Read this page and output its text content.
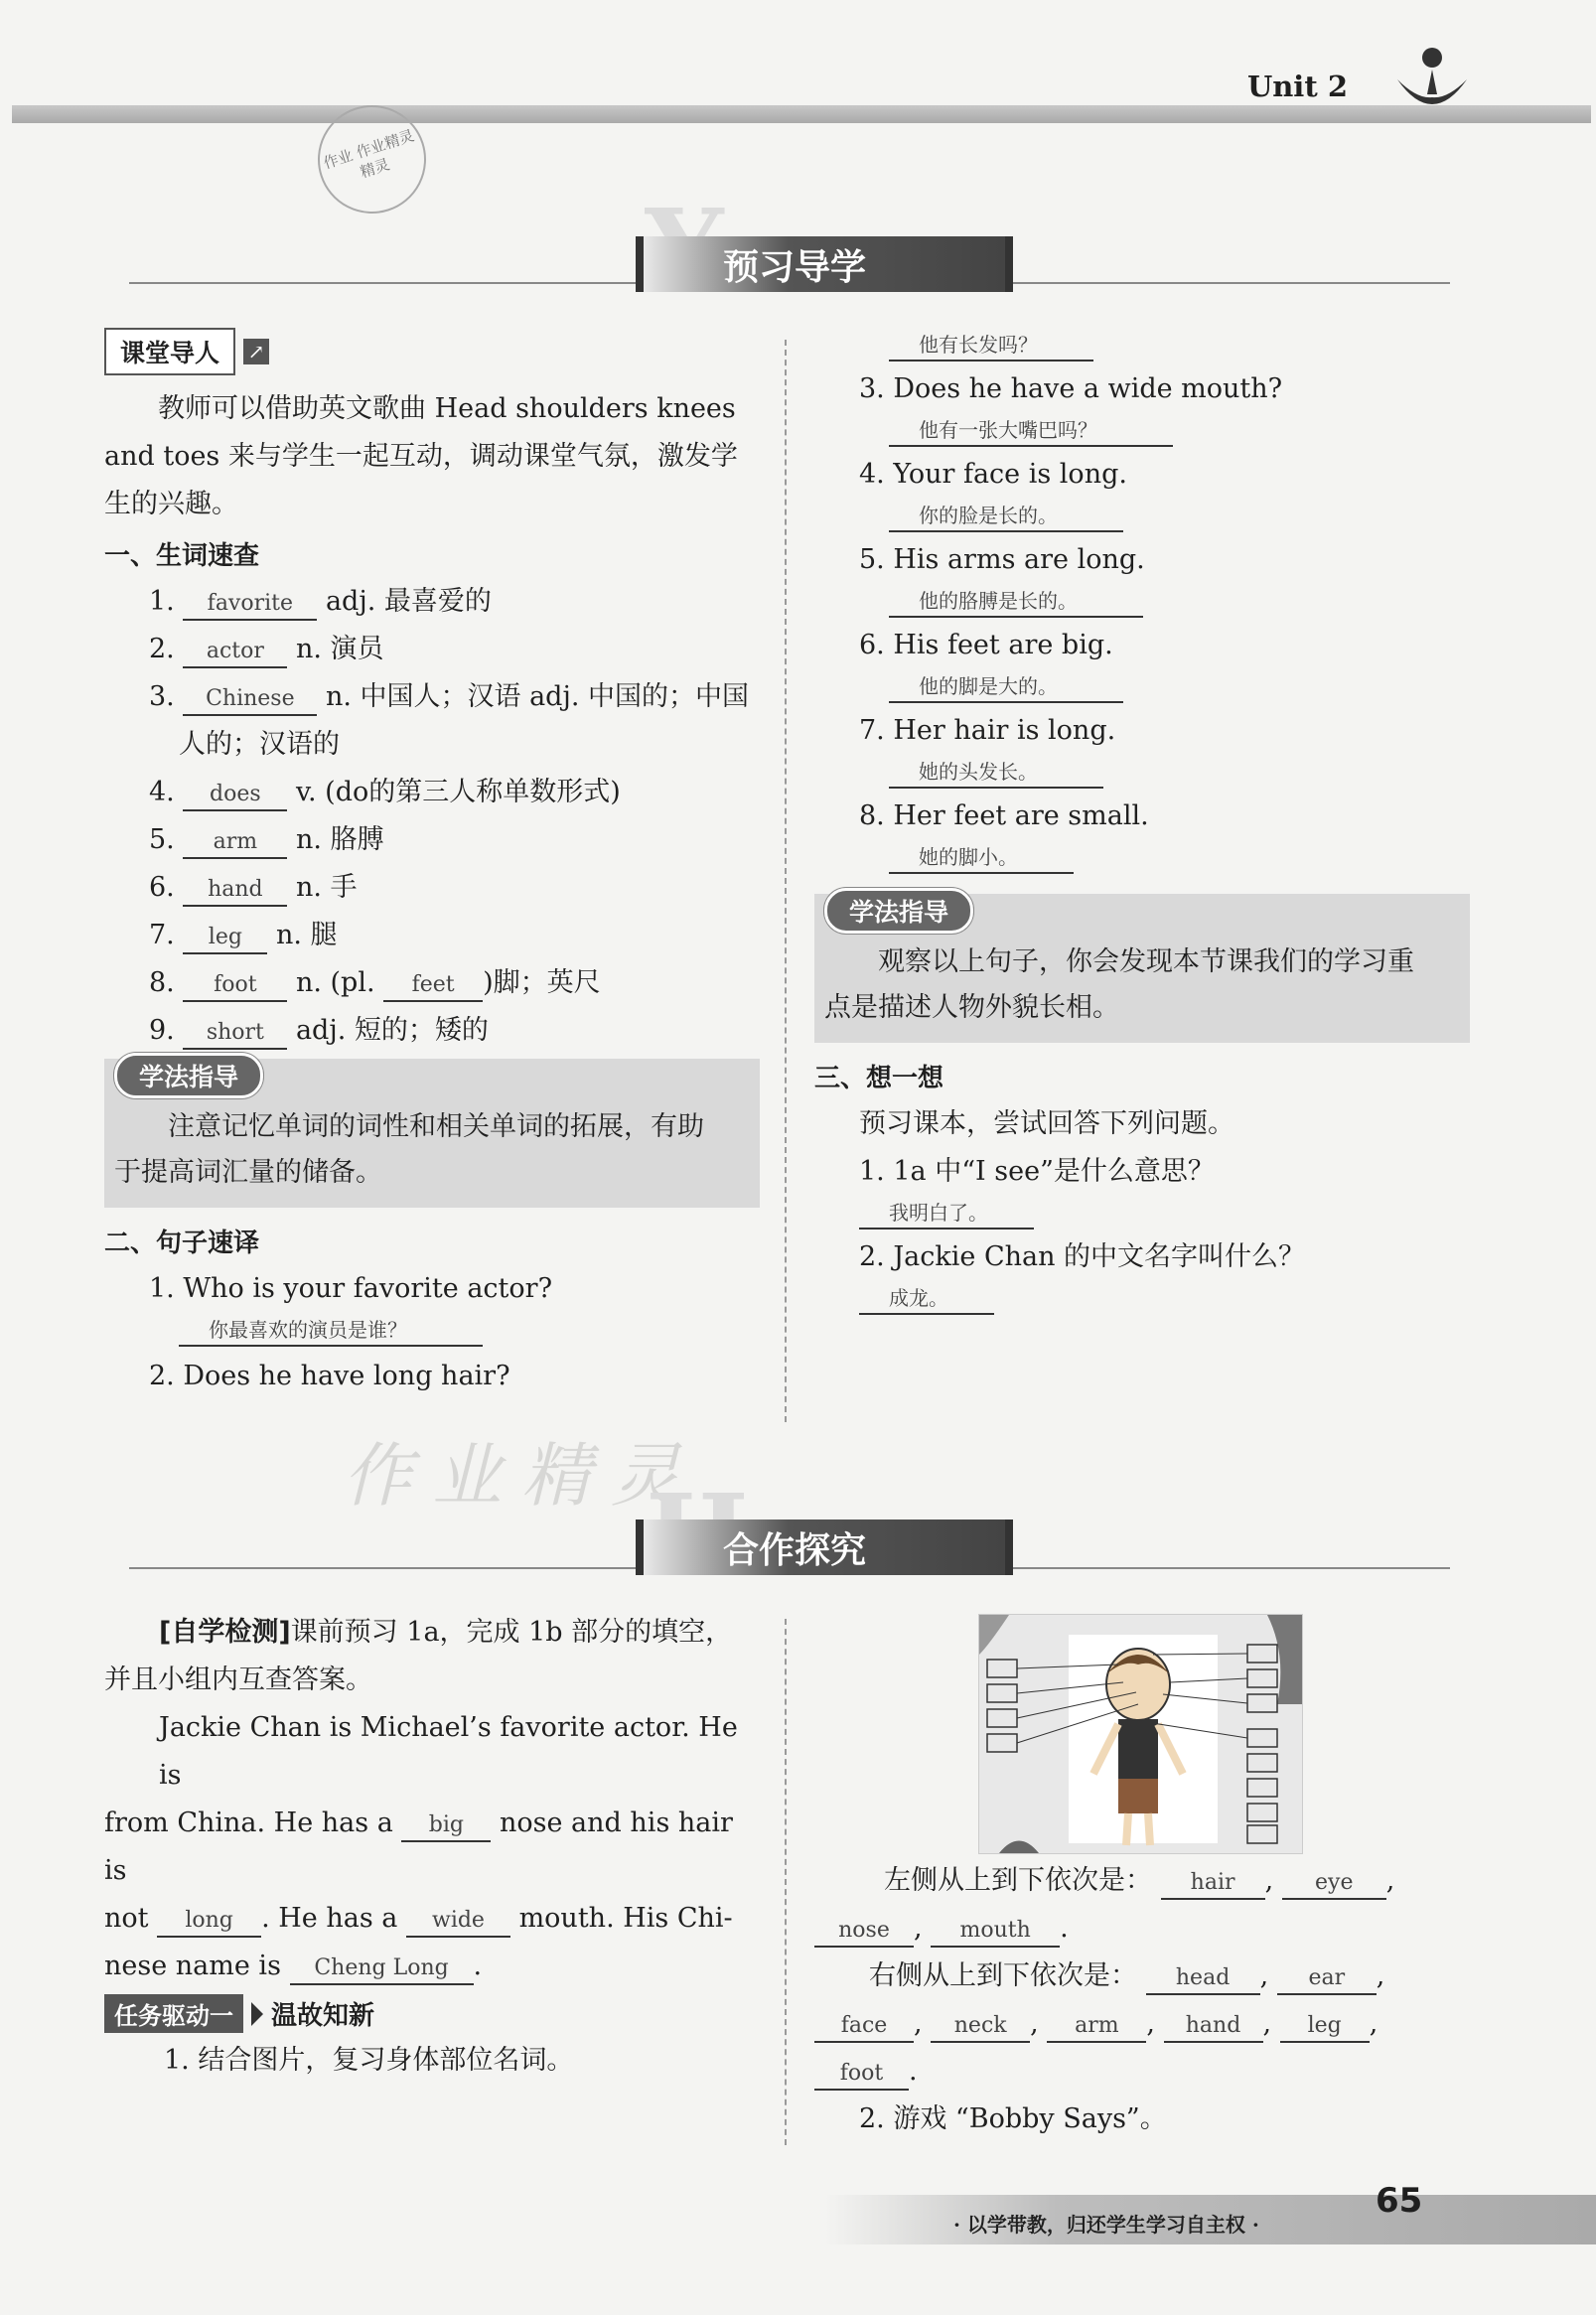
Unit 2
作业 作业精灵 精灵
预习导学
课堂导人	↗
教师可以借助英文歌曲 Head shoulders knees
and toes 来与学生一起互动，调动课堂气氛，激发学
生的兴趣。
一、生词速查
1. favorite adj. 最喜爱的
2. actor n. 演员
3. Chinese n. 中国人；汉语 adj. 中国的；中国
人的；汉语的
4. does v. (do的第三人称单数形式)
5. arm n. 胳膊
6. hand n. 手
7. leg n. 腿
8. foot n. (pl. feet )脚；英尺
9. short adj. 短的；矮的
学法指导
注意记忆单词的词性和相关单词的拓展，有助
于提高词汇量的储备。
二、句子速译
1. Who is your favorite actor?
你最喜欢的演员是谁？
2. Does he have long hair?
他有长发吗？
3. Does he have a wide mouth?
他有一张大嘴巴吗？
4. Your face is long.
你的脸是长的。
5. His arms are long.
他的胳膊是长的。
6. His feet are big.
他的脚是大的。
7. Her hair is long.
她的头发长。
8. Her feet are small.
她的脚小。
学法指导
观察以上句子，你会发现本节课我们的学习重
点是描述人物外貌长相。
三、想一想
预习课本，尝试回答下列问题。
1. 1a 中“I see”是什么意思？
我明白了。
2. Jackie Chan 的中文名字叫什么？
成龙。
作业精灵
合作探究
[自学检测]课前预习 1a，完成 1b 部分的填空，
并且小组内互查答案。
Jackie Chan is Michael’s favorite actor. He is
from China. He has a big nose and his hair is
not long . He has a wide mouth. His Chi-
nese name is Cheng Long .
任务驱动一	温故知新
1. 结合图片，复习身体部位名词。
左侧从上到下依次是： hair , eye ,
nose , mouth .
右侧从上到下依次是： head , ear ,
face , neck , arm , hand , leg ,
foot .
2. 游戏 “Bobby Says”。
· 以学带教，归还学生学习自主权 ·
65
